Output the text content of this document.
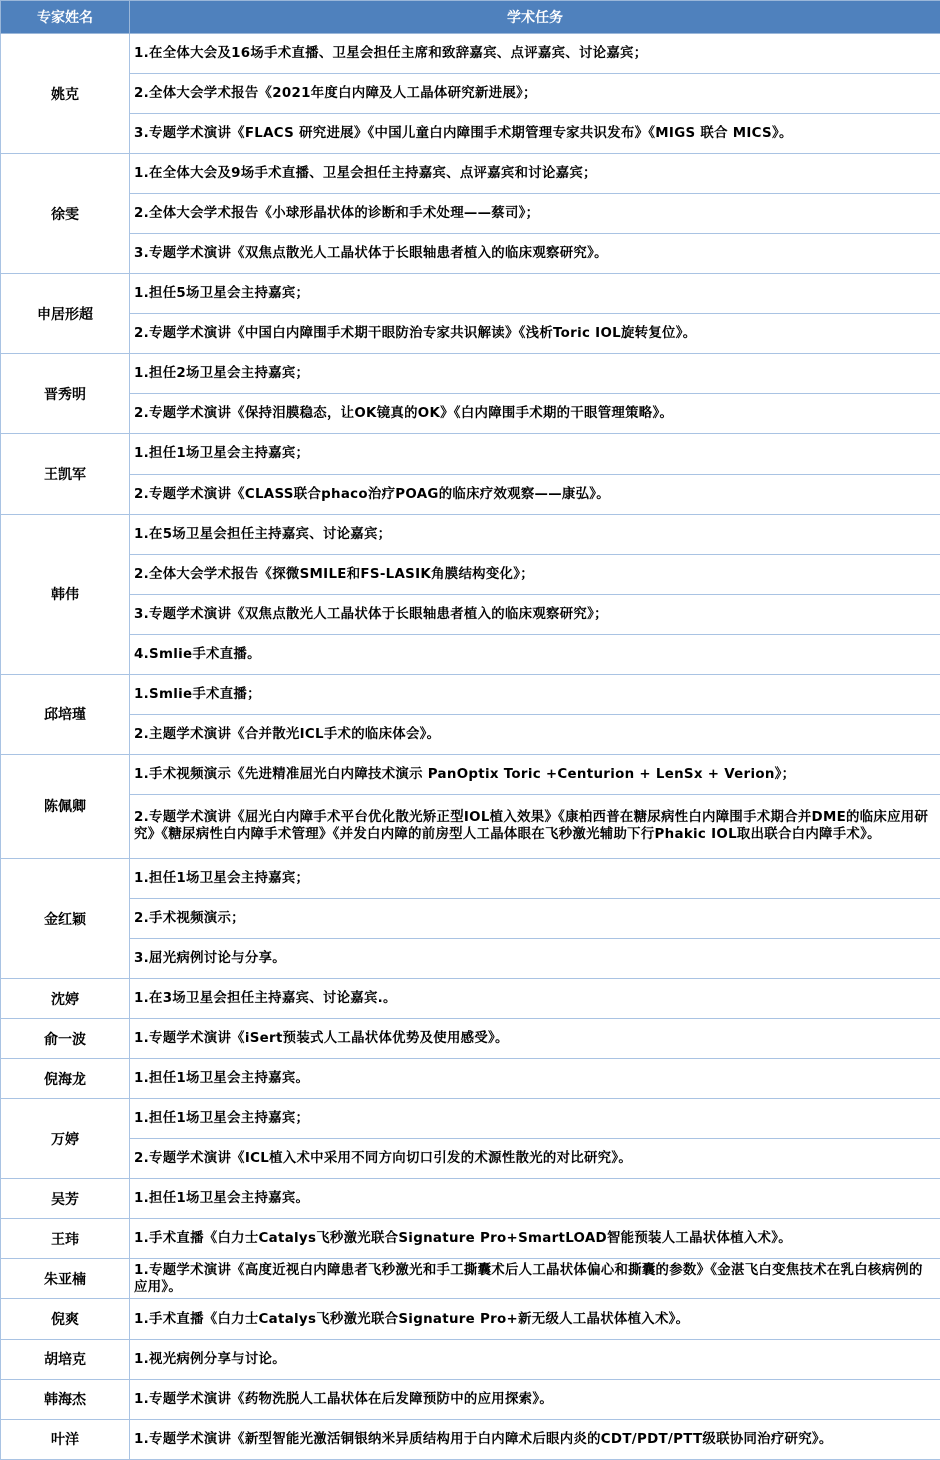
专家姓名	学术任务
姚克	1.在全体大会及16场手术直播、卫星会担任主席和致辞嘉宾、点评嘉宾、讨论嘉宾；
	2.全体大会学术报告《2021年度白内障及人工晶体研究新进展》；
	3.专题学术演讲《FLACS 研究进展》《中国儿童白内障围手术期管理专家共识发布》《MIGS 联合 MICS》。
徐雯	1.在全体大会及9场手术直播、卫星会担任主持嘉宾、点评嘉宾和讨论嘉宾；
	2.全体大会学术报告《小球形晶状体的诊断和手术处理——蔡司》；
	3.专题学术演讲《双焦点散光人工晶状体于长眼轴患者植入的临床观察研究》。
申居形超	1.担任5场卫星会主持嘉宾；
	2.专题学术演讲《中国白内障围手术期干眼防治专家共识解读》《浅析Toric IOL旋转复位》。
晋秀明	1.担任2场卫星会主持嘉宾；
	2.专题学术演讲《保持泪膜稳态，让OK镜真的OK》《白内障围手术期的干眼管理策略》。
王凯军	1.担任1场卫星会主持嘉宾；
	2.专题学术演讲《CLASS联合phaco治疗POAG的临床疗效观察——康弘》。
韩伟	1.在5场卫星会担任主持嘉宾、讨论嘉宾；
	2.全体大会学术报告《探微SMILE和FS-LASIK角膜结构变化》；
	3.专题学术演讲《双焦点散光人工晶状体于长眼轴患者植入的临床观察研究》；
	4.Smlie手术直播。
邱培瑾	1.Smlie手术直播；
	2.主题学术演讲《合并散光ICL手术的临床体会》。
陈佩卿	1.手术视频演示《先进精准屈光白内障技术演示 PanOptix Toric +Centurion + LenSx + Verion》；
	2.专题学术演讲《屈光白内障手术平台优化散光矫正型IOL植入效果》《康柏西普在糖尿病性白内障围手术期合并DME的临床应用研究》《糖尿病性白内障手术管理》《并发白内障的前房型人工晶体眼在飞秒激光辅助下行Phakic IOL取出联合白内障手术》。
金红颖	1.担任1场卫星会主持嘉宾；
	2.手术视频演示；
	3.屈光病例讨论与分享。
沈婷	1.在3场卫星会担任主持嘉宾、讨论嘉宾.。
俞一波	1.专题学术演讲《iSert预装式人工晶状体优势及使用感受》。
倪海龙	1.担任1场卫星会主持嘉宾。
万婷	1.担任1场卫星会主持嘉宾；
	2.专题学术演讲《ICL植入术中采用不同方向切口引发的术源性散光的对比研究》。
吴芳	1.担任1场卫星会主持嘉宾。
王玮	1.手术直播《白力士Catalys飞秒激光联合Signature Pro+SmartLOAD智能预装人工晶状体植入术》。
朱亚楠	1.专题学术演讲《高度近视白内障患者飞秒激光和手工撕囊术后人工晶状体偏心和撕囊的参数》《金湛飞白变焦技术在乳白核病例的应用》。
倪爽	1.手术直播《白力士Catalys飞秒激光联合Signature Pro+新无级人工晶状体植入术》。
胡培克	1.视光病例分享与讨论。
韩海杰	1.专题学术演讲《药物洗脱人工晶状体在后发障预防中的应用探索》。
叶洋	1.专题学术演讲《新型智能光激活铜银纳米异质结构用于白内障术后眼内炎的CDT/PDT/PTT级联协同治疗研究》。
